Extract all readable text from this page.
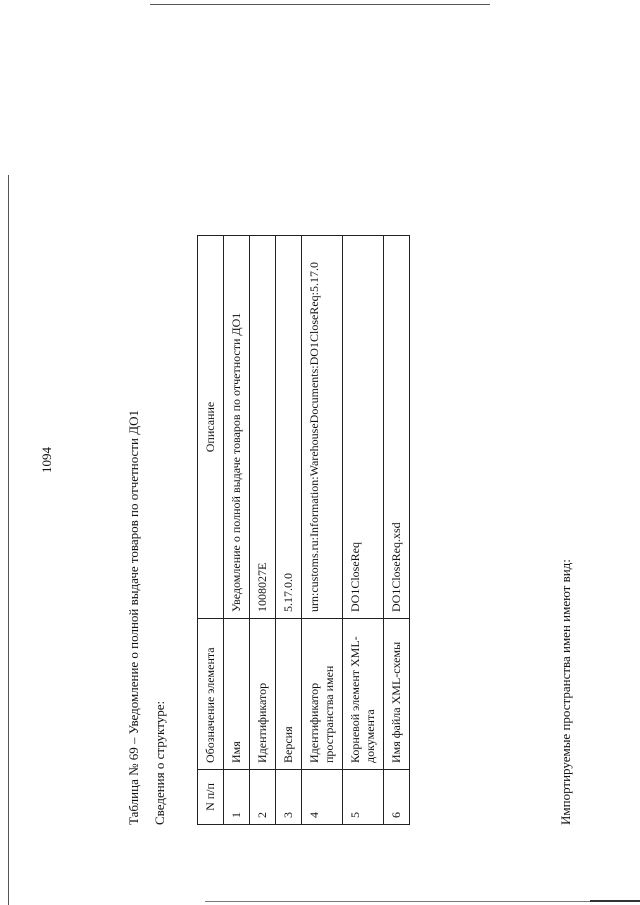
1094	Таблица № 69 – Уведомление о полной выдаче товаров по отчетности ДО1 Сведения о структуре:	N п/п	Обозначение элемента	Описание
1	Имя	Уведомление о полной выдаче товаров по отчетности ДО1
2	Идентификатор	1008027E
3	Версия	5.17.0.0
4	Идентификатор пространства имен	urn:customs.ru:Information:WarehouseDocuments:DO1CloseReq:5.17.0
5	Корневой элемент XML-документа	DO1CloseReq
6	Имя файла XML-схемы	DO1CloseReq.xsd	Импортируемые пространства имен имеют вид:
